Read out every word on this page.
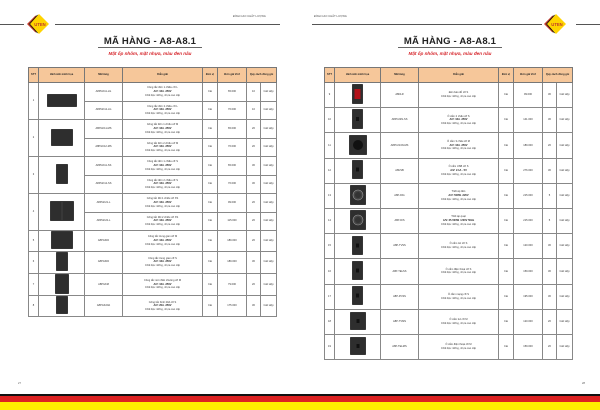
UTEN
ĐỈNH CAO CHẤT LƯỢNG
MÃ HÀNG - A8-A8.1
Mặt ốp nhôm, mặt nhựa, màu đen nâu
STT	Hình ảnh minh họa	Mã hàng	Diễn giải	Đơn vị	Đơn giá Vnđ	Quy cách đóng gói	
1		A8PGK11-LG	Công tắc đơn 1 chiều cỡ L
A/V: 16A -250V
Chất liệu: Đồng, nhựa cao cấp	Cái	65.000	10	Cái/ Hộp
		A8PGK12-LG	Công tắc đơn 2 chiều cỡ L
A/V: 16A -250V
Chất liệu: Đồng, nhựa cao cấp	Cái	76.000	10	Cái/ Hộp
2		A8PGK11-MS	Công tắc đơn 1 chiều cỡ M
A/V: 16A -250V
Chất liệu: Đồng, nhựa cao cấp	Cái	65.000	20	Cái/ Hộp
		A8PGK12-MS	Công tắc đơn 2 chiều cỡ M
A/V: 16A -250V
Chất liệu: Đồng, nhựa cao cấp	Cái	76.000	20	Cái/ Hộp
3		A8PGK11-SS	Công tắc đơn 1 chiều cỡ S
A/V: 16A -250V
Chất liệu: Đồng, nhựa cao cấp	Cái	65.000	30	Cái/ Hộp
		A8PGK12-SS	Công tắc đơn 2 chiều cỡ S
A/V: 16A -250V
Chất liệu: Đồng, nhựa cao cấp	Cái	76.000	30	Cái/ Hộp
4		A8PGK21-L	Công tắc đôi 1 chiều cỡ XS
A/V: 16A -250V
Chất liệu: Đồng, nhựa cao cấp	Cái	99.000	20	Cái/ Hộp
		A8PGK22-L	Công tắc đôi 2 chiều cỡ XS
A/V: 16A -250V
Chất liệu: Đồng, nhựa cao cấp	Cái	115.000	20	Cái/ Hộp
5		A8PGKID	Công tắc trung gian cỡ M
A/V: 16A -250V
Chất liệu: Đồng, nhựa cao cấp	Cái	189.000	20	Cái/ Hộp
6		A8PGKID	Công tắc trung gian cỡ S
A/V: 16A -250V
Chất liệu: Đồng, nhựa cao cấp	Cái	189.000	30	Cái/ Hộp
7		A8PGKM	Công tắc nút nhấn chuông cỡ M
A/V: 16A -250V
Chất liệu: Đồng, nhựa cao cấp	Cái	79.000	20	Cái/ Hộp
8		A8PGK20A	Công tắc bình 20A cỡ S
A/V: 20A -250V
Chất liệu: Đồng, nhựa cao cấp	Cái	175.000	30	Cái/ Hộp
27
ĐỈNH CAO CHẤT LƯỢNG
UTEN
MÃ HÀNG - A8-A8.1
Mặt ốp nhôm, mặt nhựa, màu đen nâu
STT	Hình ảnh minh họa	Mã hàng	Diễn giải	Đơn vị	Đơn giá Vnđ	Quy cách đóng gói	
9		A8DLR	Đèn báo đỏ cỡ S
Chất liệu: Đồng, nhựa cao cấp	Cái	99.000	30	Cái/ Hộp
10		A8PC22N-SS	Ổ cắm 2 chấu cỡ S
A/V: 16A -250V
Chất liệu: Đồng, nhựa cao cấp	Cái	141.000	30	Cái/ Hộp
11		A8PC213N-MS	Ổ cắm 3 chấu cỡ M
A/V: 16A -250V
Chất liệu: Đồng, nhựa cao cấp	Cái	189.000	20	Cái/ Hộp
12		A8USB	Ổ cắm USB cỡ S
A/V: 2.1A - 5V
Chất liệu: Đồng, nhựa cao cấp	Cái	276.000	30	Cái/ Hộp
13		A8P-DIG	Triết áp đèn
A/V: 500W -220V
Chất liệu: Đồng, nhựa cao cấp	Cái	215.000	5	Cái/ Hộp
14		A8P-DIS	Triết áp quạt
A/V: 25-500W / 220V 50Hz
Chất liệu: Đồng, nhựa cao cấp	Cái	215.000	5	Cái/ Hộp
15		A8P-TVSS	Ổ cắm tivi cỡ S
Chất liệu: Đồng, nhựa cao cấp	Cái	120.000	30	Cái/ Hộp
16		A8P-TELSS	Ổ cắm điện thoại cỡ S
Chất liệu: Đồng, nhựa cao cấp	Cái	159.000	30	Cái/ Hộp
17		A8P-PCSS	Ổ cắm mạng cỡ S
Chất liệu: Đồng, nhựa cao cấp	Cái	195.000	30	Cái/ Hộp
18		A8P-TVMS	Ổ cắm tivi cỡ M
Chất liệu: Đồng, nhựa cao cấp	Cái	120.000	20	Cái/ Hộp
19		A8P-TELMS	Ổ cắm điện thoại cỡ M
Chất liệu: Đồng, nhựa cao cấp	Cái	159.000	20	Cái/ Hộp
28
